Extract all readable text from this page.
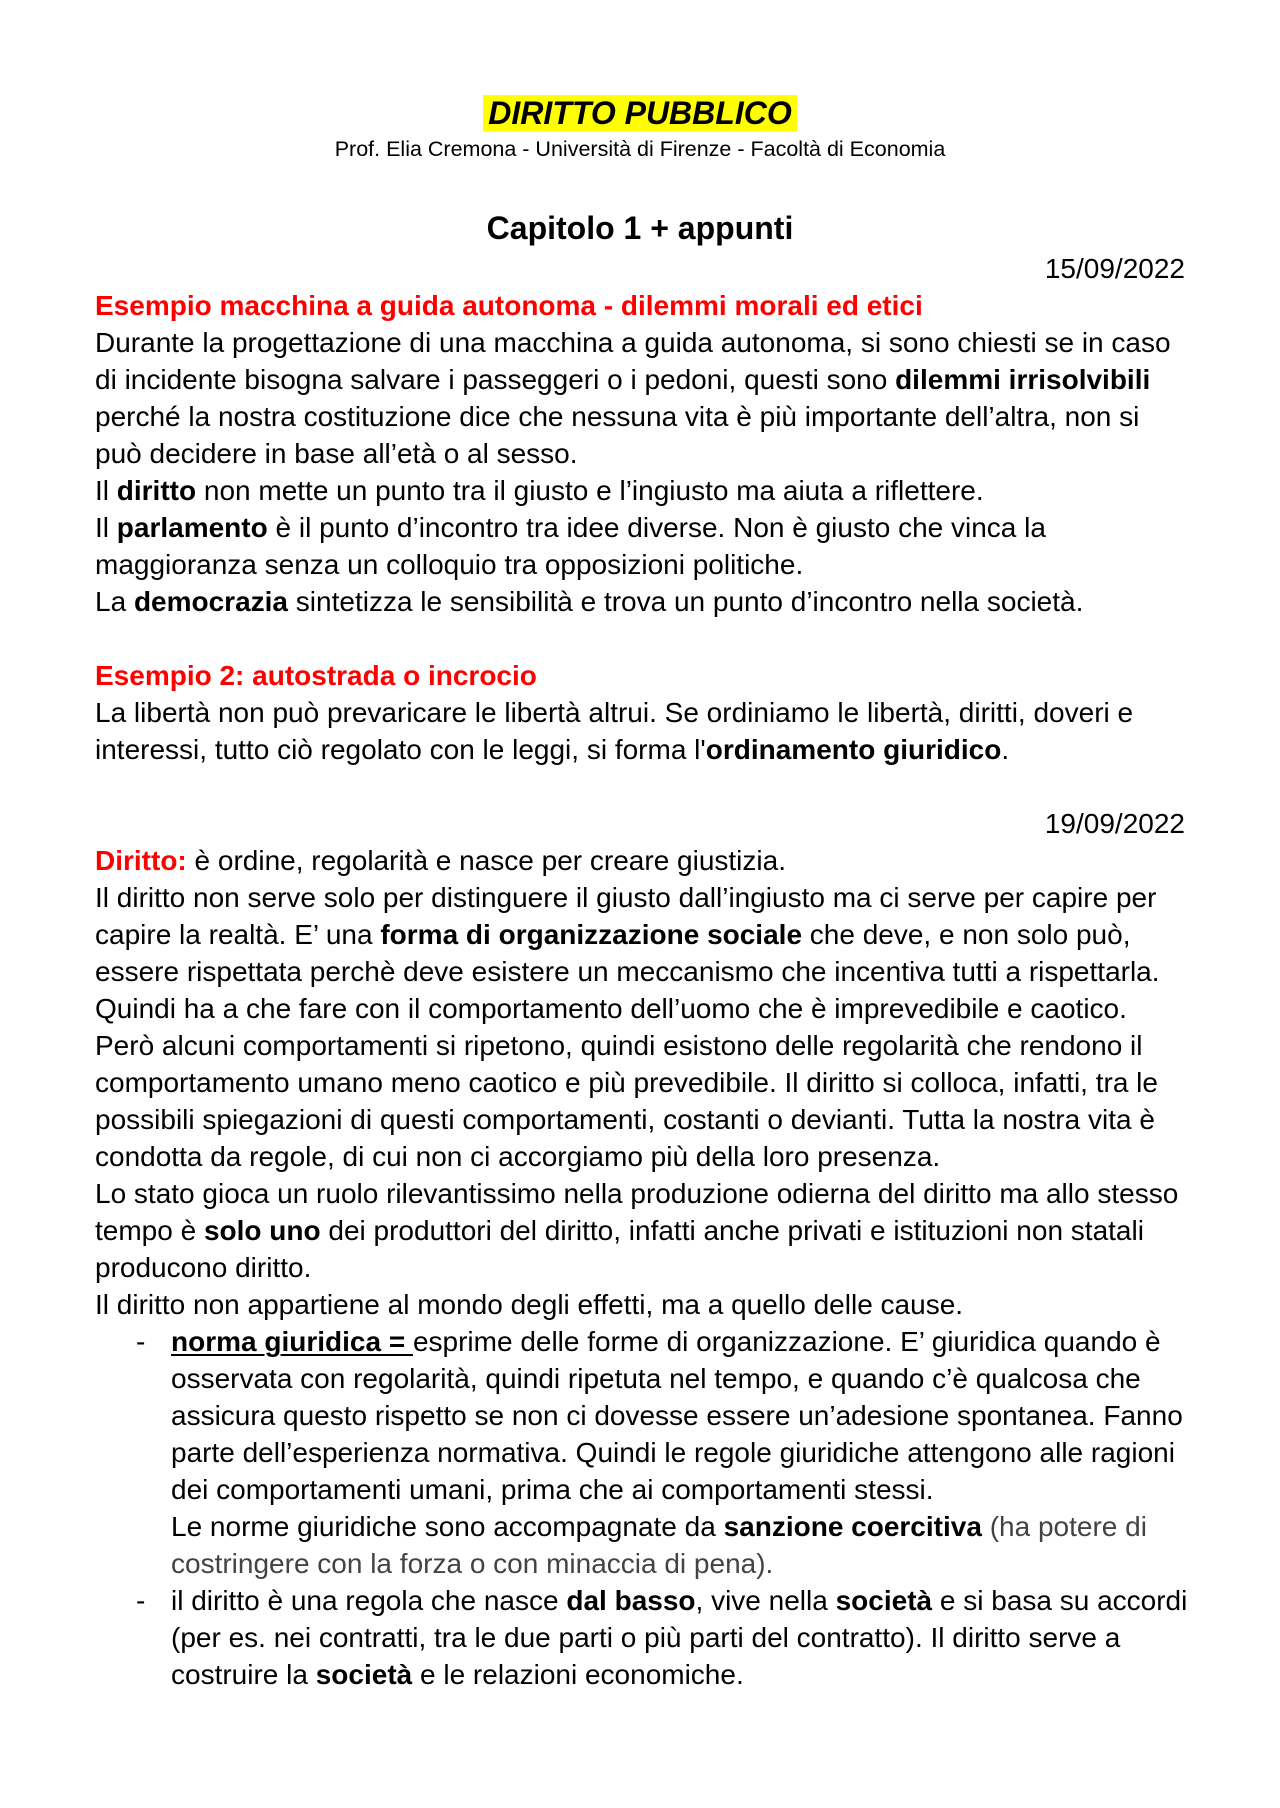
DIRITTO PUBBLICO
Prof. Elia Cremona - Università di Firenze - Facoltà di Economia
Capitolo 1 + appunti
15/09/2022
Esempio macchina a guida autonoma - dilemmi morali ed etici
Durante la progettazione di una macchina a guida autonoma, si sono chiesti se in caso
di incidente bisogna salvare i passeggeri o i pedoni, questi sono dilemmi irrisolvibili
perché la nostra costituzione dice che nessuna vita è più importante dell’altra, non si
può decidere in base all’età o al sesso.
Il diritto non mette un punto tra il giusto e l’ingiusto ma aiuta a riflettere.
Il parlamento è il punto d’incontro tra idee diverse. Non è giusto che vinca la
maggioranza senza un colloquio tra opposizioni politiche.
La democrazia sintetizza le sensibilità e trova un punto d’incontro nella società.
Esempio 2: autostrada o incrocio
La libertà non può prevaricare le libertà altrui. Se ordiniamo le libertà, diritti, doveri e
interessi, tutto ciò regolato con le leggi, si forma l'ordinamento giuridico.
19/09/2022
Diritto: è ordine, regolarità e nasce per creare giustizia.
Il diritto non serve solo per distinguere il giusto dall’ingiusto ma ci serve per capire per
capire la realtà. E’ una forma di organizzazione sociale che deve, e non solo può,
essere rispettata perchè deve esistere un meccanismo che incentiva tutti a rispettarla.
Quindi ha a che fare con il comportamento dell’uomo che è imprevedibile e caotico.
Però alcuni comportamenti si ripetono, quindi esistono delle regolarità che rendono il
comportamento umano meno caotico e più prevedibile. Il diritto si colloca, infatti, tra le
possibili spiegazioni di questi comportamenti, costanti o devianti. Tutta la nostra vita è
condotta da regole, di cui non ci accorgiamo più della loro presenza.
Lo stato gioca un ruolo rilevantissimo nella produzione odierna del diritto ma allo stesso
tempo è solo uno dei produttori del diritto, infatti anche privati e istituzioni non statali
producono diritto.
Il diritto non appartiene al mondo degli effetti, ma a quello delle cause.
- norma giuridica = esprime delle forme di organizzazione. E’ giuridica quando è
osservata con regolarità, quindi ripetuta nel tempo, e quando c’è qualcosa che
assicura questo rispetto se non ci dovesse essere un’adesione spontanea. Fanno
parte dell’esperienza normativa. Quindi le regole giuridiche attengono alle ragioni
dei comportamenti umani, prima che ai comportamenti stessi.
Le norme giuridiche sono accompagnate da sanzione coercitiva (ha potere di
costringere con la forza o con minaccia di pena).
- il diritto è una regola che nasce dal basso, vive nella società e si basa su accordi
(per es. nei contratti, tra le due parti o più parti del contratto). Il diritto serve a
costruire la società e le relazioni economiche.
